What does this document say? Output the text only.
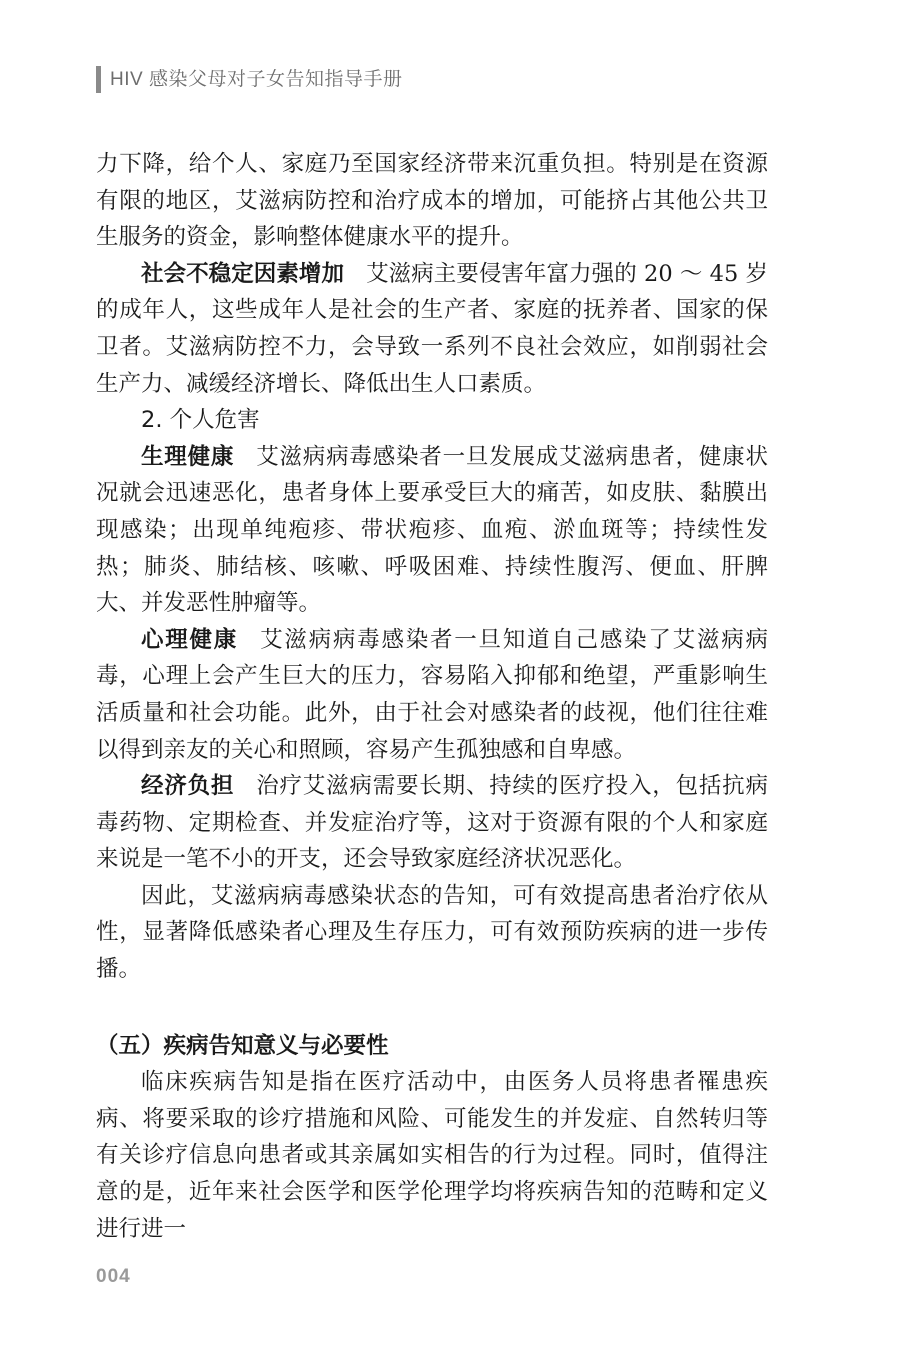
HIV 感染父母对子女告知指导手册

力下降，给个人、家庭乃至国家经济带来沉重负担。特别是在资源有限的地区，艾滋病防控和治疗成本的增加，可能挤占其他公共卫生服务的资金，影响整体健康水平的提升。

社会不稳定因素增加 艾滋病主要侵害年富力强的 20 ～ 45 岁的成年人，这些成年人是社会的生产者、家庭的抚养者、国家的保卫者。艾滋病防控不力，会导致一系列不良社会效应，如削弱社会生产力、减缓经济增长、降低出生人口素质。

2. 个人危害

生理健康 艾滋病病毒感染者一旦发展成艾滋病患者，健康状况就会迅速恶化，患者身体上要承受巨大的痛苦，如皮肤、黏膜出现感染；出现单纯疱疹、带状疱疹、血疱、淤血斑等；持续性发热；肺炎、肺结核、咳嗽、呼吸困难、持续性腹泻、便血、肝脾大、并发恶性肿瘤等。

心理健康 艾滋病病毒感染者一旦知道自己感染了艾滋病病毒，心理上会产生巨大的压力，容易陷入抑郁和绝望，严重影响生活质量和社会功能。此外，由于社会对感染者的歧视，他们往往难以得到亲友的关心和照顾，容易产生孤独感和自卑感。

经济负担 治疗艾滋病需要长期、持续的医疗投入，包括抗病毒药物、定期检查、并发症治疗等，这对于资源有限的个人和家庭来说是一笔不小的开支，还会导致家庭经济状况恶化。

因此，艾滋病病毒感染状态的告知，可有效提高患者治疗依从性，显著降低感染者心理及生存压力，可有效预防疾病的进一步传播。

（五）疾病告知意义与必要性

临床疾病告知是指在医疗活动中，由医务人员将患者罹患疾病、将要采取的诊疗措施和风险、可能发生的并发症、自然转归等有关诊疗信息向患者或其亲属如实相告的行为过程。同时，值得注意的是，近年来社会医学和医学伦理学均将疾病告知的范畴和定义进行进一

004
